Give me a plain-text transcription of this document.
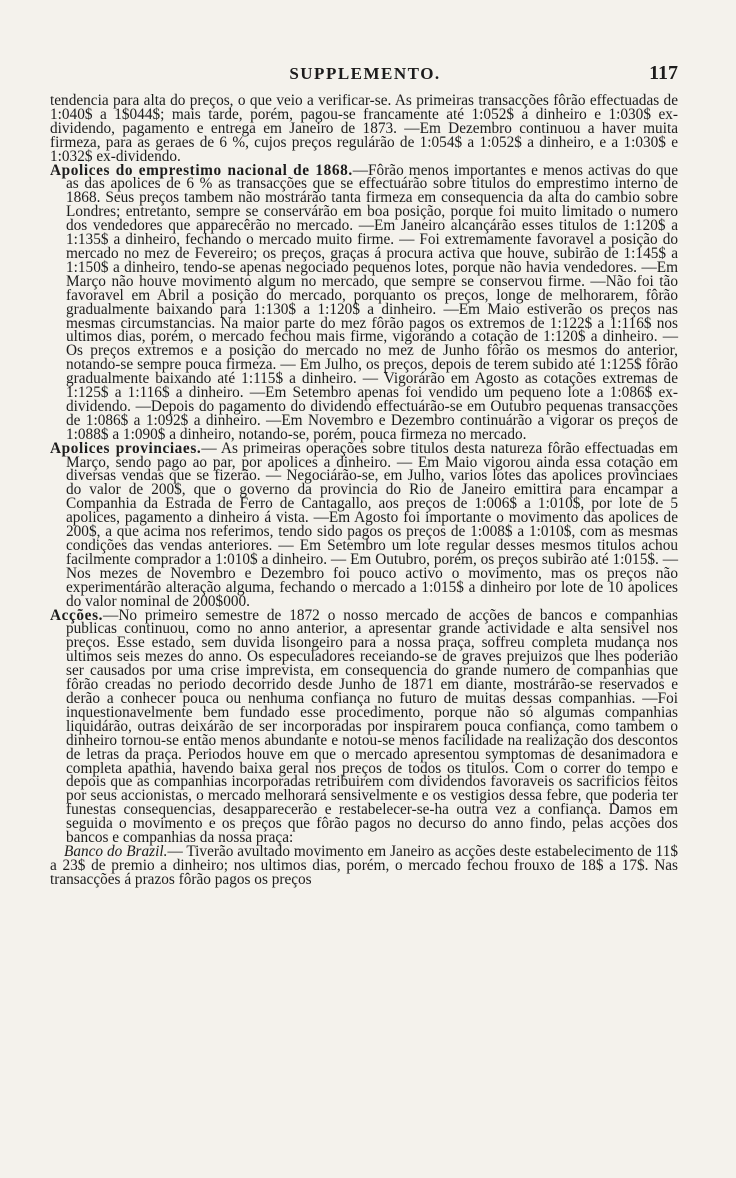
SUPPLEMENTO.	117

tendencia para alta do preços, o que veio a verificar-se. As primeiras transacções fôrão effectuadas de 1:040$ a 1$044$; mais tarde, porém, pagou-se francamente até 1:052$ a dinheiro e 1:030$ ex-dividendo, pagamento e entrega em Janeiro de 1873. —Em Dezembro continuou a haver muita firmeza, para as geraes de 6 %, cujos preços regulárão de 1:054$ a 1:052$ a dinheiro, e a 1:030$ e 1:032$ ex-dividendo.

Apolices do emprestimo nacional de 1868.—Fôrão menos importantes e menos activas do que as das apolices de 6 % as transacções que se effectuárão sobre titulos do emprestimo interno de 1868. Seus preços tambem não mostrárão tanta firmeza em consequencia da alta do cambio sobre Londres; entretanto, sempre se conservárão em boa posição, porque foi muito limitado o numero dos vendedores que apparecêrão no mercado. —Em Janeiro alcançárão esses titulos de 1:120$ a 1:135$ a dinheiro, fechando o mercado muito firme. — Foi extremamente favoravel a posição do mercado no mez de Fevereiro; os preços, graças á procura activa que houve, subirão de 1:145$ a 1:150$ a dinheiro, tendo-se apenas negociado pequenos lotes, porque não havia vendedores. —Em Março não houve movimento algum no mercado, que sempre se conservou firme. —Não foi tão favoravel em Abril a posição do mercado, porquanto os preços, longe de melhorarem, fôrão gradualmente baixando para 1:130$ a 1:120$ a dinheiro. —Em Maio estiverão os preços nas mesmas circumstancias. Na maior parte do mez fôrão pagos os extremos de 1:122$ a 1:116$ nos ultimos dias, porém, o mercado fechou mais firme, vigorando a cotação de 1:120$ a dinheiro. — Os preços extremos e a posição do mercado no mez de Junho fôrão os mesmos do anterior, notando-se sempre pouca firmeza. — Em Julho, os preços, depois de terem subido até 1:125$ fôrão gradualmente baixando até 1:115$ a dinheiro. — Vigorárão em Agosto as cotações extremas de 1:125$ a 1:116$ a dinheiro. —Em Setembro apenas foi vendido um pequeno lote a 1:086$ ex-dividendo. —Depois do pagamento do dividendo effectuárão-se em Outubro pequenas transacções de 1:086$ a 1:092$ a dinheiro. —Em Novembro e Dezembro continuárão a vigorar os preços de 1:088$ a 1:090$ a dinheiro, notando-se, porém, pouca firmeza no mercado.

Apolices provinciaes.— As primeiras operações sobre titulos desta natureza fôrão effectuadas em Março, sendo pago ao par, por apolices a dinheiro. — Em Maio vigorou ainda essa cotação em diversas vendas que se fizerão. — Negociárão-se, em Julho, varios lotes das apolices provinciaes do valor de 200$, que o governo da provincia do Rio de Janeiro emittira para encampar a Companhia da Estrada de Ferro de Cantagallo, aos preços de 1:006$ a 1:010$, por lote de 5 apolices, pagamento a dinheiro á vista. —Em Agosto foi importante o movimento das apolices de 200$, a que acima nos referimos, tendo sido pagos os preços de 1:008$ a 1:010$, com as mesmas condições das vendas anteriores. — Em Setembro um lote regular desses mesmos titulos achou facilmente comprador a 1:010$ a dinheiro. — Em Outubro, porém, os preços subirão até 1:015$. —Nos mezes de Novembro e Dezembro foi pouco activo o movimento, mas os preços não experimentárão alteração alguma, fechando o mercado a 1:015$ a dinheiro por lote de 10 apolices do valor nominal de 200$000.

Acções.—No primeiro semestre de 1872 o nosso mercado de acções de bancos e companhias publicas continuou, como no anno anterior, a apresentar grande actividade e alta sensivel nos preços. Esse estado, sem duvida lisongeiro para a nossa praça, soffreu completa mudança nos ultimos seis mezes do anno. Os especuladores receiando-se de graves prejuizos que lhes poderião ser causados por uma crise imprevista, em consequencia do grande numero de companhias que fôrão creadas no periodo decorrido desde Junho de 1871 em diante, mostrárão-se reservados e derão a conhecer pouca ou nenhuma confiança no futuro de muitas dessas companhias. —Foi inquestionavelmente bem fundado esse procedimento, porque não só algumas companhias liquidárão, outras deixárão de ser incorporadas por inspirarem pouca confiança, como tambem o dinheiro tornou-se então menos abundante e notou-se menos facilidade na realização dos descontos de letras da praça. Periodos houve em que o mercado apresentou symptomas de desanimadora e completa apathia, havendo baixa geral nos preços de todos os titulos. Com o correr do tempo e depois que as companhias incorporadas retribuirem com dividendos favoraveis os sacrificios feitos por seus accionistas, o mercado melhorará sensivelmente e os vestigios dessa febre, que poderia ter funestas consequencias, desapparecerão e restabelecer-se-ha outra vez a confiança. Damos em seguida o movimento e os preços que fôrão pagos no decurso do anno findo, pelas acções dos bancos e companhias da nossa praça:

Banco do Brazil.— Tiverão avultado movimento em Janeiro as acções deste estabelecimento de 11$ a 23$ de premio a dinheiro; nos ultimos dias, porém, o mercado fechou frouxo de 18$ a 17$. Nas transacções á prazos fôrão pagos os preços
